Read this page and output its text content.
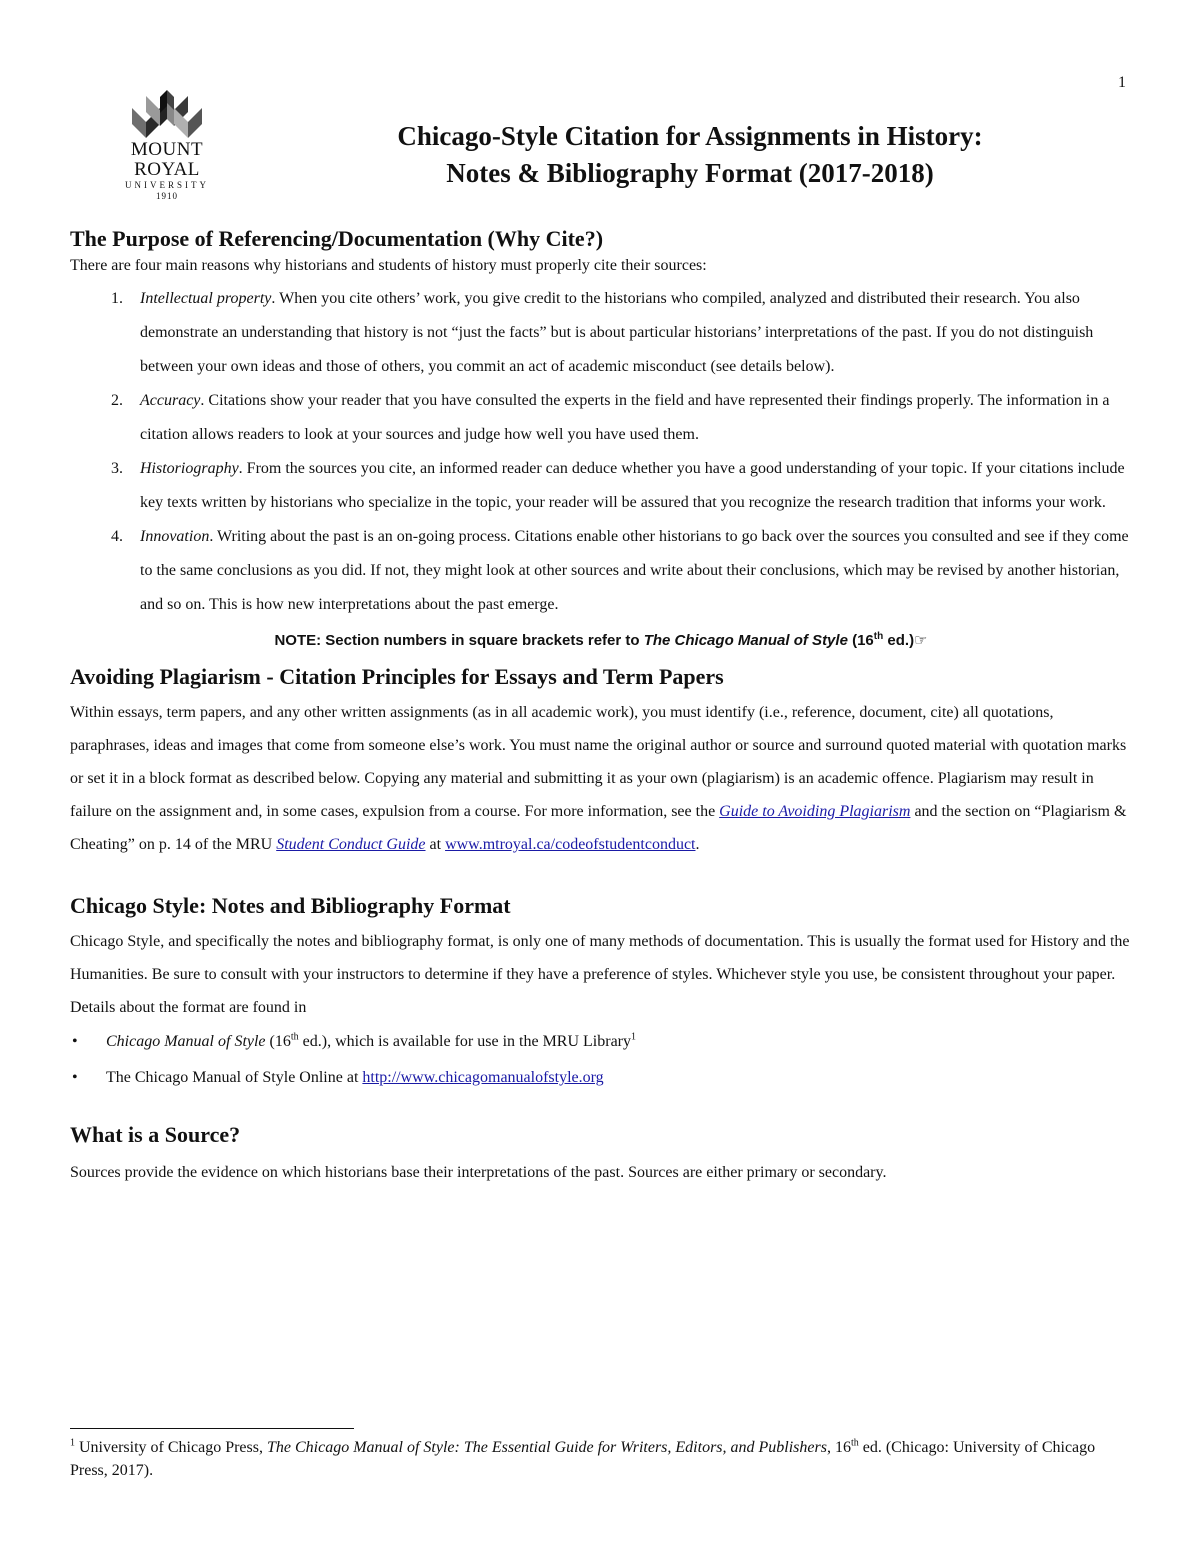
1
MOUNT ROYAL
UNIVERSITY
1910
Chicago-Style Citation for Assignments in History:
Notes & Bibliography Format (2017-2018)
The Purpose of Referencing/Documentation (Why Cite?)

There are four main reasons why historians and students of history must properly cite their sources:

1. Intellectual property. When you cite others’ work, you give credit to the historians who compiled, analyzed and distributed their research. You also demonstrate an understanding that history is not “just the facts” but is about particular historians’ interpretations of the past. If you do not distinguish between your own ideas and those of others, you commit an act of academic misconduct (see details below).
2. Accuracy. Citations show your reader that you have consulted the experts in the field and have represented their findings properly. The information in a citation allows readers to look at your sources and judge how well you have used them.
3. Historiography. From the sources you cite, an informed reader can deduce whether you have a good understanding of your topic. If your citations include key texts written by historians who specialize in the topic, your reader will be assured that you recognize the research tradition that informs your work.
4. Innovation. Writing about the past is an on-going process. Citations enable other historians to go back over the sources you consulted and see if they come to the same conclusions as you did. If not, they might look at other sources and write about their conclusions, which may be revised by another historian, and so on. This is how new interpretations about the past emerge.

NOTE: Section numbers in square brackets refer to The Chicago Manual of Style (16th ed.)☞

Avoiding Plagiarism - Citation Principles for Essays and Term Papers

Within essays, term papers, and any other written assignments (as in all academic work), you must identify (i.e., reference, document, cite) all quotations, paraphrases, ideas and images that come from someone else’s work. You must name the original author or source and surround quoted material with quotation marks or set it in a block format as described below. Copying any material and submitting it as your own (plagiarism) is an academic offence. Plagiarism may result in failure on the assignment and, in some cases, expulsion from a course. For more information, see the Guide to Avoiding Plagiarism and the section on “Plagiarism & Cheating” on p. 14 of the MRU Student Conduct Guide at www.mtroyal.ca/codeofstudentconduct.

Chicago Style: Notes and Bibliography Format

Chicago Style, and specifically the notes and bibliography format, is only one of many methods of documentation. This is usually the format used for History and the Humanities. Be sure to consult with your instructors to determine if they have a preference of styles. Whichever style you use, be consistent throughout your paper.

Details about the format are found in

• Chicago Manual of Style (16th ed.), which is available for use in the MRU Library$^1$
• The Chicago Manual of Style Online at http://www.chicagomanualofstyle.org
What is a Source?

Sources provide the evidence on which historians base their interpretations of the past. Sources are either primary or secondary.

$^1$ University of Chicago Press, The Chicago Manual of Style: The Essential Guide for Writers, Editors, and Publishers, 16th ed. (Chicago: University of Chicago Press, 2017).
